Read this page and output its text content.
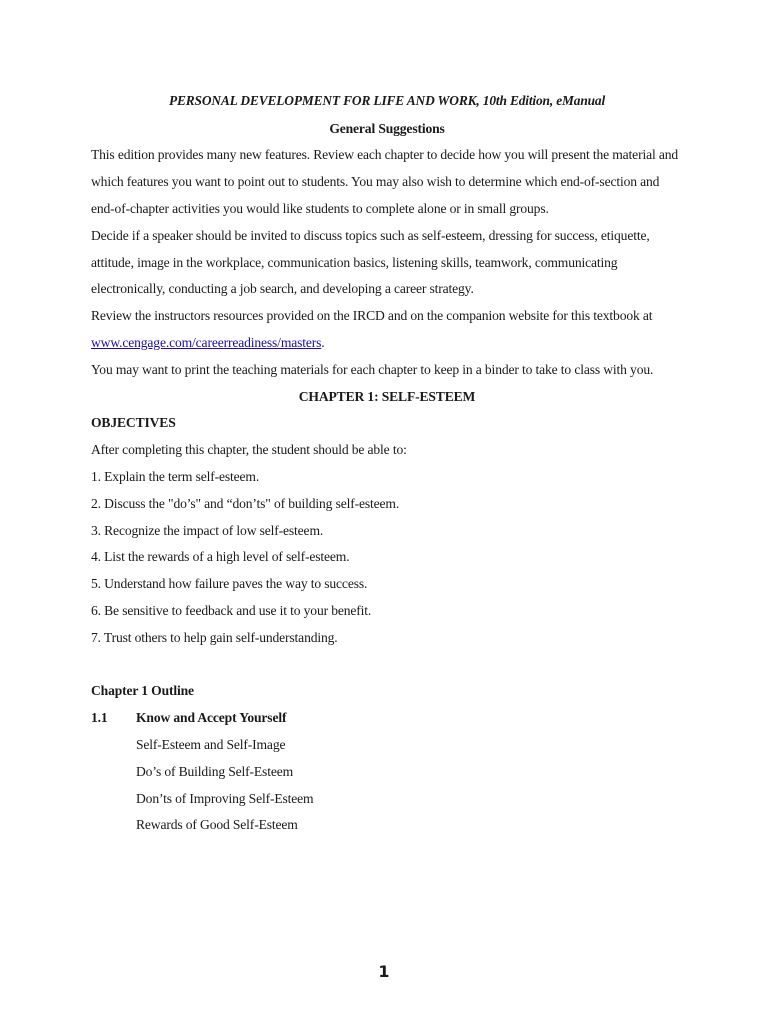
PERSONAL DEVELOPMENT FOR LIFE AND WORK, 10th Edition, eManual

General Suggestions

This edition provides many new features. Review each chapter to decide how you will present the material and which features you want to point out to students. You may also wish to determine which end-of-section and end-of-chapter activities you would like students to complete alone or in small groups.

Decide if a speaker should be invited to discuss topics such as self-esteem, dressing for success, etiquette, attitude, image in the workplace, communication basics, listening skills, teamwork, communicating electronically, conducting a job search, and developing a career strategy.

Review the instructors resources provided on the IRCD and on the companion website for this textbook at www.cengage.com/careerreadiness/masters.

You may want to print the teaching materials for each chapter to keep in a binder to take to class with you.

CHAPTER 1: SELF-ESTEEM

OBJECTIVES

After completing this chapter, the student should be able to:

1. Explain the term self-esteem.
2. Discuss the "do’s" and “don’ts" of building self-esteem.
3. Recognize the impact of low self-esteem.
4. List the rewards of a high level of self-esteem.
5. Understand how failure paves the way to success.
6. Be sensitive to feedback and use it to your benefit.
7. Trust others to help gain self-understanding.

Chapter 1 Outline

1.1	Know and Accept Yourself
Self-Esteem and Self-Image
Do’s of Building Self-Esteem
Don’ts of Improving Self-Esteem
Rewards of Good Self-Esteem
1
